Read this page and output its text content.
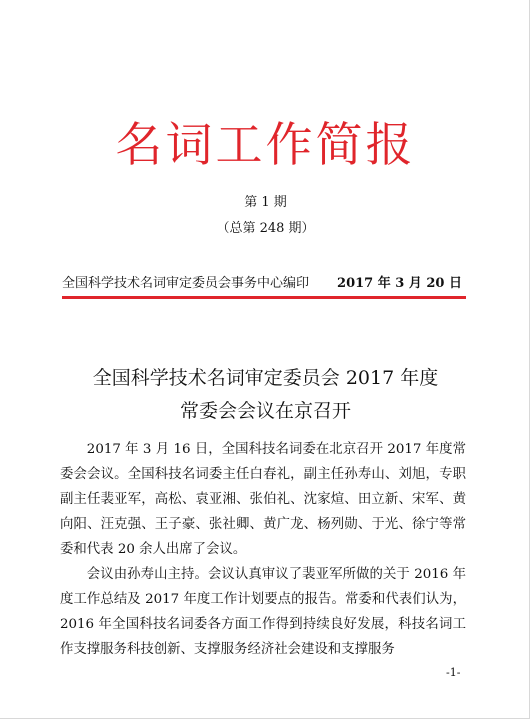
名词工作简报
第 1 期
（总第 248 期）
全国科学技术名词审定委员会事务中心编印 2017 年 3 月 20 日
全国科学技术名词审定委员会 2017 年度
常委会会议在京召开

2017 年 3 月 16 日，全国科技名词委在北京召开 2017 年度常委会会议。全国科技名词委主任白春礼，副主任孙寿山、刘旭，专职副主任裴亚军，高松、袁亚湘、张伯礼、沈家煊、田立新、宋军、黄向阳、汪克强、王子豪、张社卿、黄广龙、杨列勋、于光、徐宁等常委和代表 20 余人出席了会议。

会议由孙寿山主持。会议认真审议了裴亚军所做的关于 2016 年度工作总结及 2017 年度工作计划要点的报告。常委和代表们认为，2016 年全国科技名词委各方面工作得到持续良好发展，科技名词工作支撑服务科技创新、支撑服务经济社会建设和支撑服务

-1-
